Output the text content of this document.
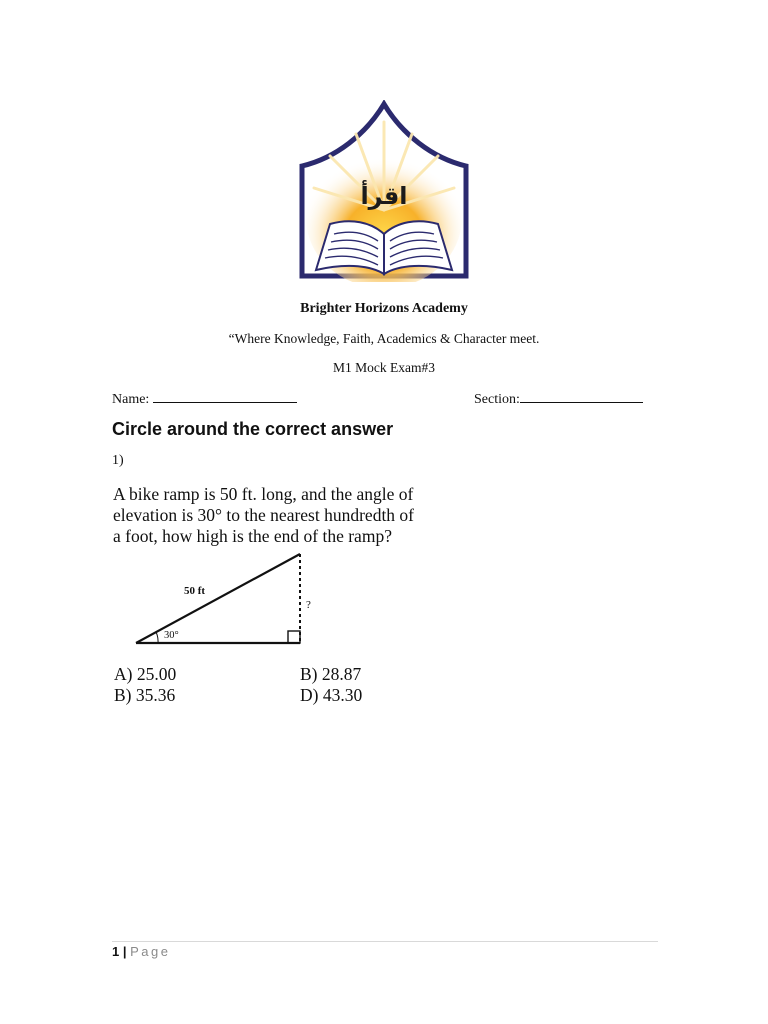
اقرأ
Brighter Horizons Academy
“Where Knowledge, Faith, Academics & Character meet.
M1 Mock Exam#3
Name:	Section:
Circle around the correct answer
1)
A bike ramp is 50 ft. long, and the angle of elevation is 30° to the nearest hundredth of a foot, how high is the end of the ramp?
50 ft
30°
?
A) 25.00	B) 28.87
B) 35.36	D) 43.30
1 | Page
